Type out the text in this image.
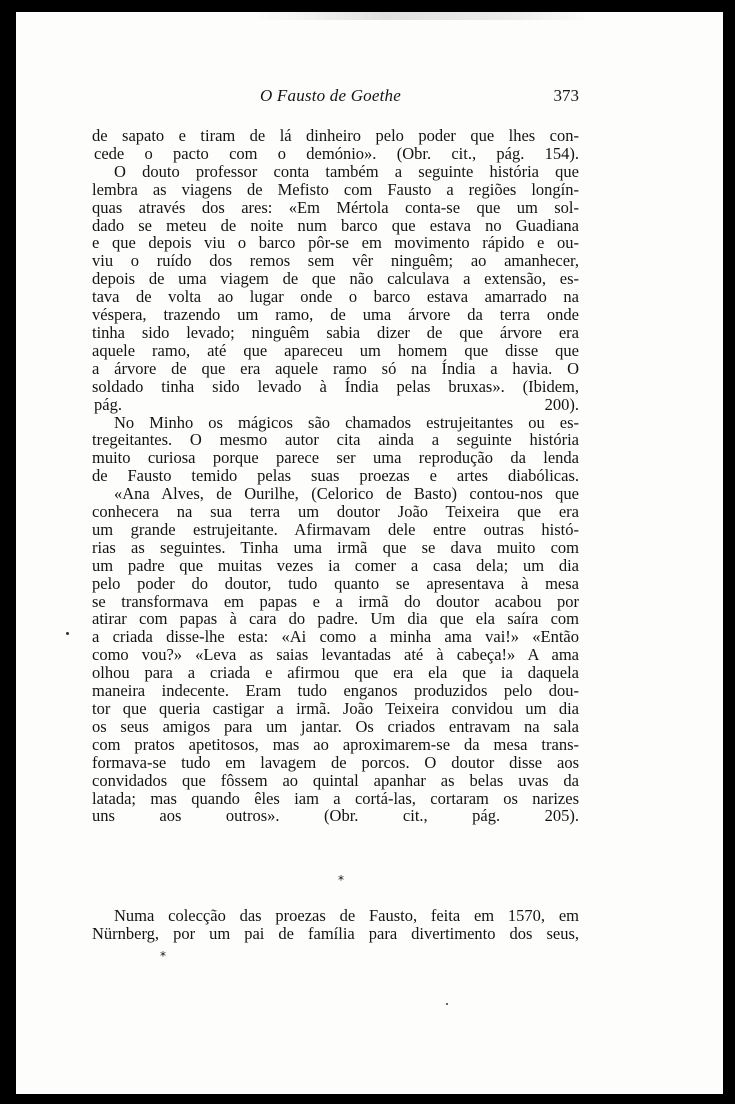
O Fausto de Goethe	373

de sapato e tiram de lá dinheiro pelo poder que lhes con-
cede o pacto com o demónio». (Obr. cit., pág. 154).

O douto professor conta também a seguinte história que
lembra as viagens de Mefisto com Fausto a regiões longín-
quas através dos ares: «Em Mértola conta-se que um sol-
dado se meteu de noite num barco que estava no Guadiana
e que depois viu o barco pôr-se em movimento rápido e ou-
viu o ruído dos remos sem vêr ninguêm; ao amanhecer,
depois de uma viagem de que não calculava a extensão, es-
tava de volta ao lugar onde o barco estava amarrado na
véspera, trazendo um ramo, de uma árvore da terra onde
tinha sido levado; ninguêm sabia dizer de que árvore era
aquele ramo, até que apareceu um homem que disse que
a árvore de que era aquele ramo só na Índia a havia. O
soldado tinha sido levado à Índia pelas bruxas». (Ibidem,
pág. 200).

No Minho os mágicos são chamados estrujeitantes ou es-
tregeitantes. O mesmo autor cita ainda a seguinte história
muito curiosa porque parece ser uma reprodução da lenda
de Fausto temido pelas suas proezas e artes diabólicas.

«Ana Alves, de Ourilhe, (Celorico de Basto) contou-nos que
conhecera na sua terra um doutor João Teixeira que era
um grande estrujeitante. Afirmavam dele entre outras histó-
rias as seguintes. Tinha uma irmã que se dava muito com
um padre que muitas vezes ia comer a casa dela; um dia
pelo poder do doutor, tudo quanto se apresentava à mesa
se transformava em papas e a irmã do doutor acabou por
atirar com papas à cara do padre. Um dia que ela saíra com
a criada disse-lhe esta: «Ai como a minha ama vai!» «Então
como vou?» «Leva as saias levantadas até à cabeça!» A ama
olhou para a criada e afirmou que era ela que ia daquela
maneira indecente. Eram tudo enganos produzidos pelo dou-
tor que queria castigar a irmã. João Teixeira convidou um dia
os seus amigos para um jantar. Os criados entravam na sala
com pratos apetitosos, mas ao aproximarem-se da mesa trans-
formava-se tudo em lavagem de porcos. O doutor disse aos
convidados que fôssem ao quintal apanhar as belas uvas da
latada; mas quando êles iam a cortá-las, cortaram os narizes
uns aos outros». (Obr. cit., pág. 205).

*
Numa colecção das proezas de Fausto, feita em 1570, em
Nürnberg, por um pai de família para divertimento dos seus,
*
